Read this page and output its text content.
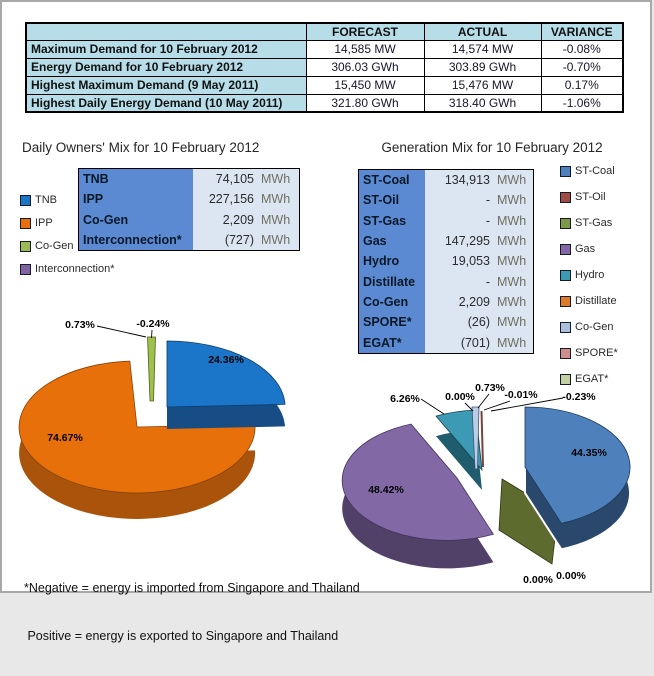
	FORECAST	ACTUAL	VARIANCE
Maximum Demand for 10 February 2012	14,585 MW	14,574 MW	-0.08%
Energy Demand for 10 February 2012	306.03 GWh	303.89 GWh	-0.70%
Highest Maximum Demand (9 May 2011)	15,450 MW	15,476 MW	0.17%
Highest Daily Energy Demand (10 May 2011)	321.80 GWh	318.40 GWh	-1.06%
Daily Owners' Mix for 10 February 2012	Generation Mix for 10 February 2012
TNB
IPP
Co-Gen
Interconnection*
TNB	74,105 MWh
IPP	227,156 MWh
Co-Gen	2,209 MWh
Interconnection*	(727) MWh
ST-Coal	134,913 MWh
ST-Oil	- MWh
ST-Gas	- MWh
Gas	147,295 MWh
Hydro	19,053 MWh
Distillate	- MWh
Co-Gen	2,209 MWh
SPORE*	(26) MWh
EGAT*	(701) MWh
ST-Coal
ST-Oil
ST-Gas
Gas
Hydro
Distillate
Co-Gen
SPORE*
EGAT*

*Negative = energy is imported from Singapore and Thailand

Positive = energy is exported to Singapore and Thailand

0.73%	-0.24%
24.36%
74.67%
6.26% 0.00%
0.73%
-0.01% -0.23%
44.35%
48.42%
0.00% 0.00%
